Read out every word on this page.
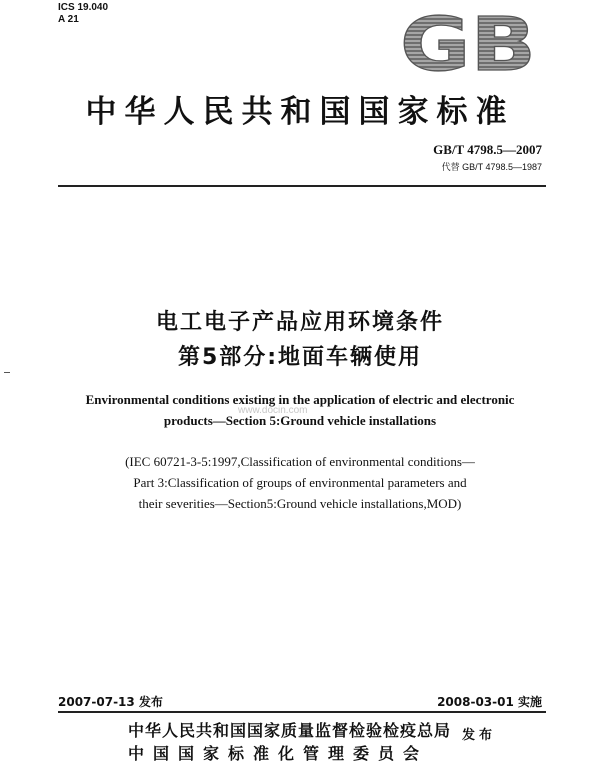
ICS 19.040
A 21	GB
中华人民共和国国家标准
GB/T 4798.5—2007
代替 GB/T 4798.5—1987
电工电子产品应用环境条件
第5部分:地面车辆使用
Environmental conditions existing in the application of electric and electronic
products—Section 5:Ground vehicle installations
www.docin.com
(IEC 60721-3-5:1997,Classification of environmental conditions—
Part 3:Classification of groups of environmental parameters and
their severities—Section5:Ground vehicle installations,MOD)
2007-07-13 发布	2008-03-01 实施
中华人民共和国国家质量监督检验检疫总局
中国国家标准化管理委员会
发布
